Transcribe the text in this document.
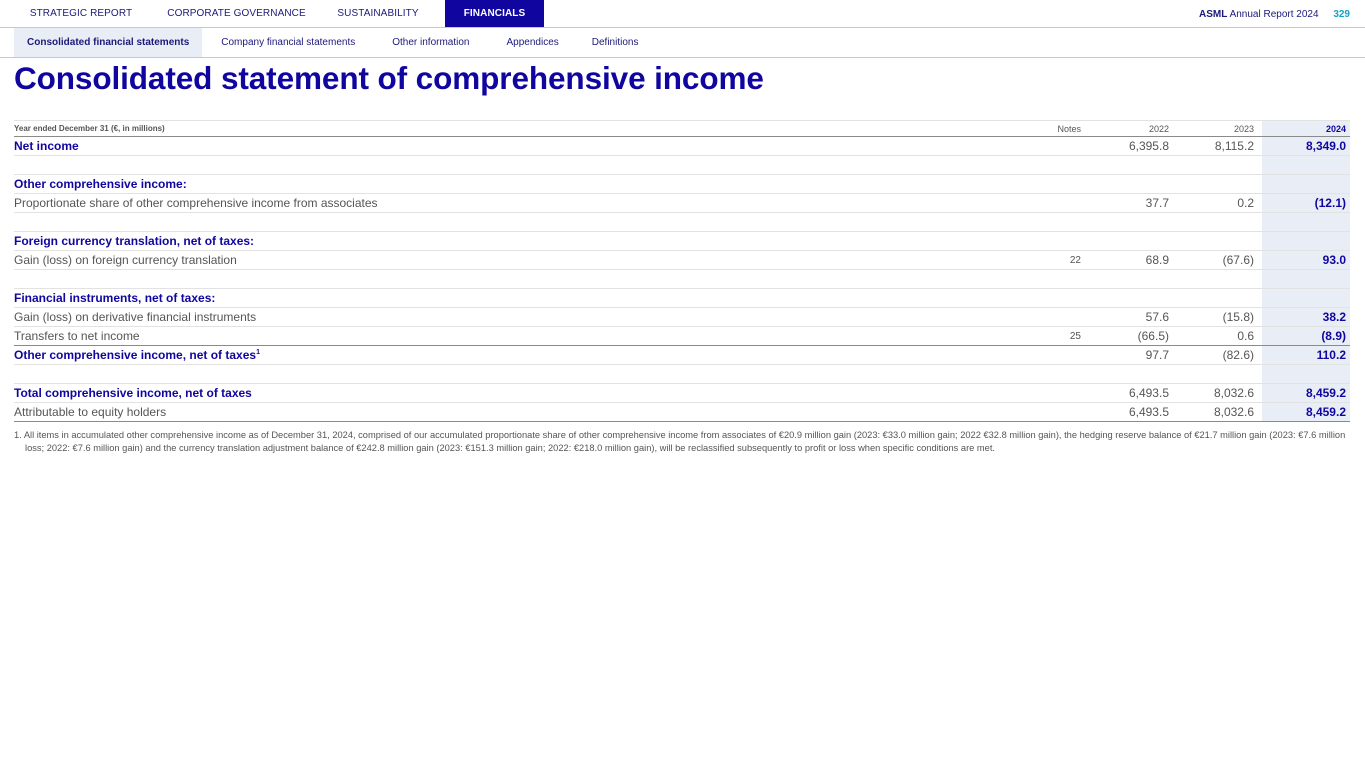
STRATEGIC REPORT	CORPORATE GOVERNANCE	SUSTAINABILITY	FINANCIALS	ASML Annual Report 2024 329
Consolidated financial statements	Company financial statements	Other information	Appendices	Definitions
Consolidated statement of comprehensive income
Year ended December 31 (€, in millions)	Notes	2022	2023	2024
Net income	6,395.8	8,115.2	8,349.0
Other comprehensive income:
Proportionate share of other comprehensive income from associates	37.7	0.2	(12.1)
Foreign currency translation, net of taxes:
Gain (loss) on foreign currency translation	22	68.9	(67.6)	93.0
Financial instruments, net of taxes:
Gain (loss) on derivative financial instruments	57.6	(15.8)	38.2
Transfers to net income	25	(66.5)	0.6	(8.9)
Other comprehensive income, net of taxes$^1$	97.7	(82.6)	110.2
Total comprehensive income, net of taxes	6,493.5	8,032.6	8,459.2
Attributable to equity holders	6,493.5	8,032.6	8,459.2

1. All items in accumulated other comprehensive income as of December 31, 2024, comprised of our accumulated proportionate share of other comprehensive income from associates of €20.9 million gain (2023: €33.0 million gain; 2022 €32.8 million gain), the hedging reserve balance of €21.7 million gain (2023: €7.6 million loss; 2022: €7.6 million gain) and the currency translation adjustment balance of €242.8 million gain (2023: €151.3 million gain; 2022: €218.0 million gain), will be reclassified subsequently to profit or loss when specific conditions are met.
